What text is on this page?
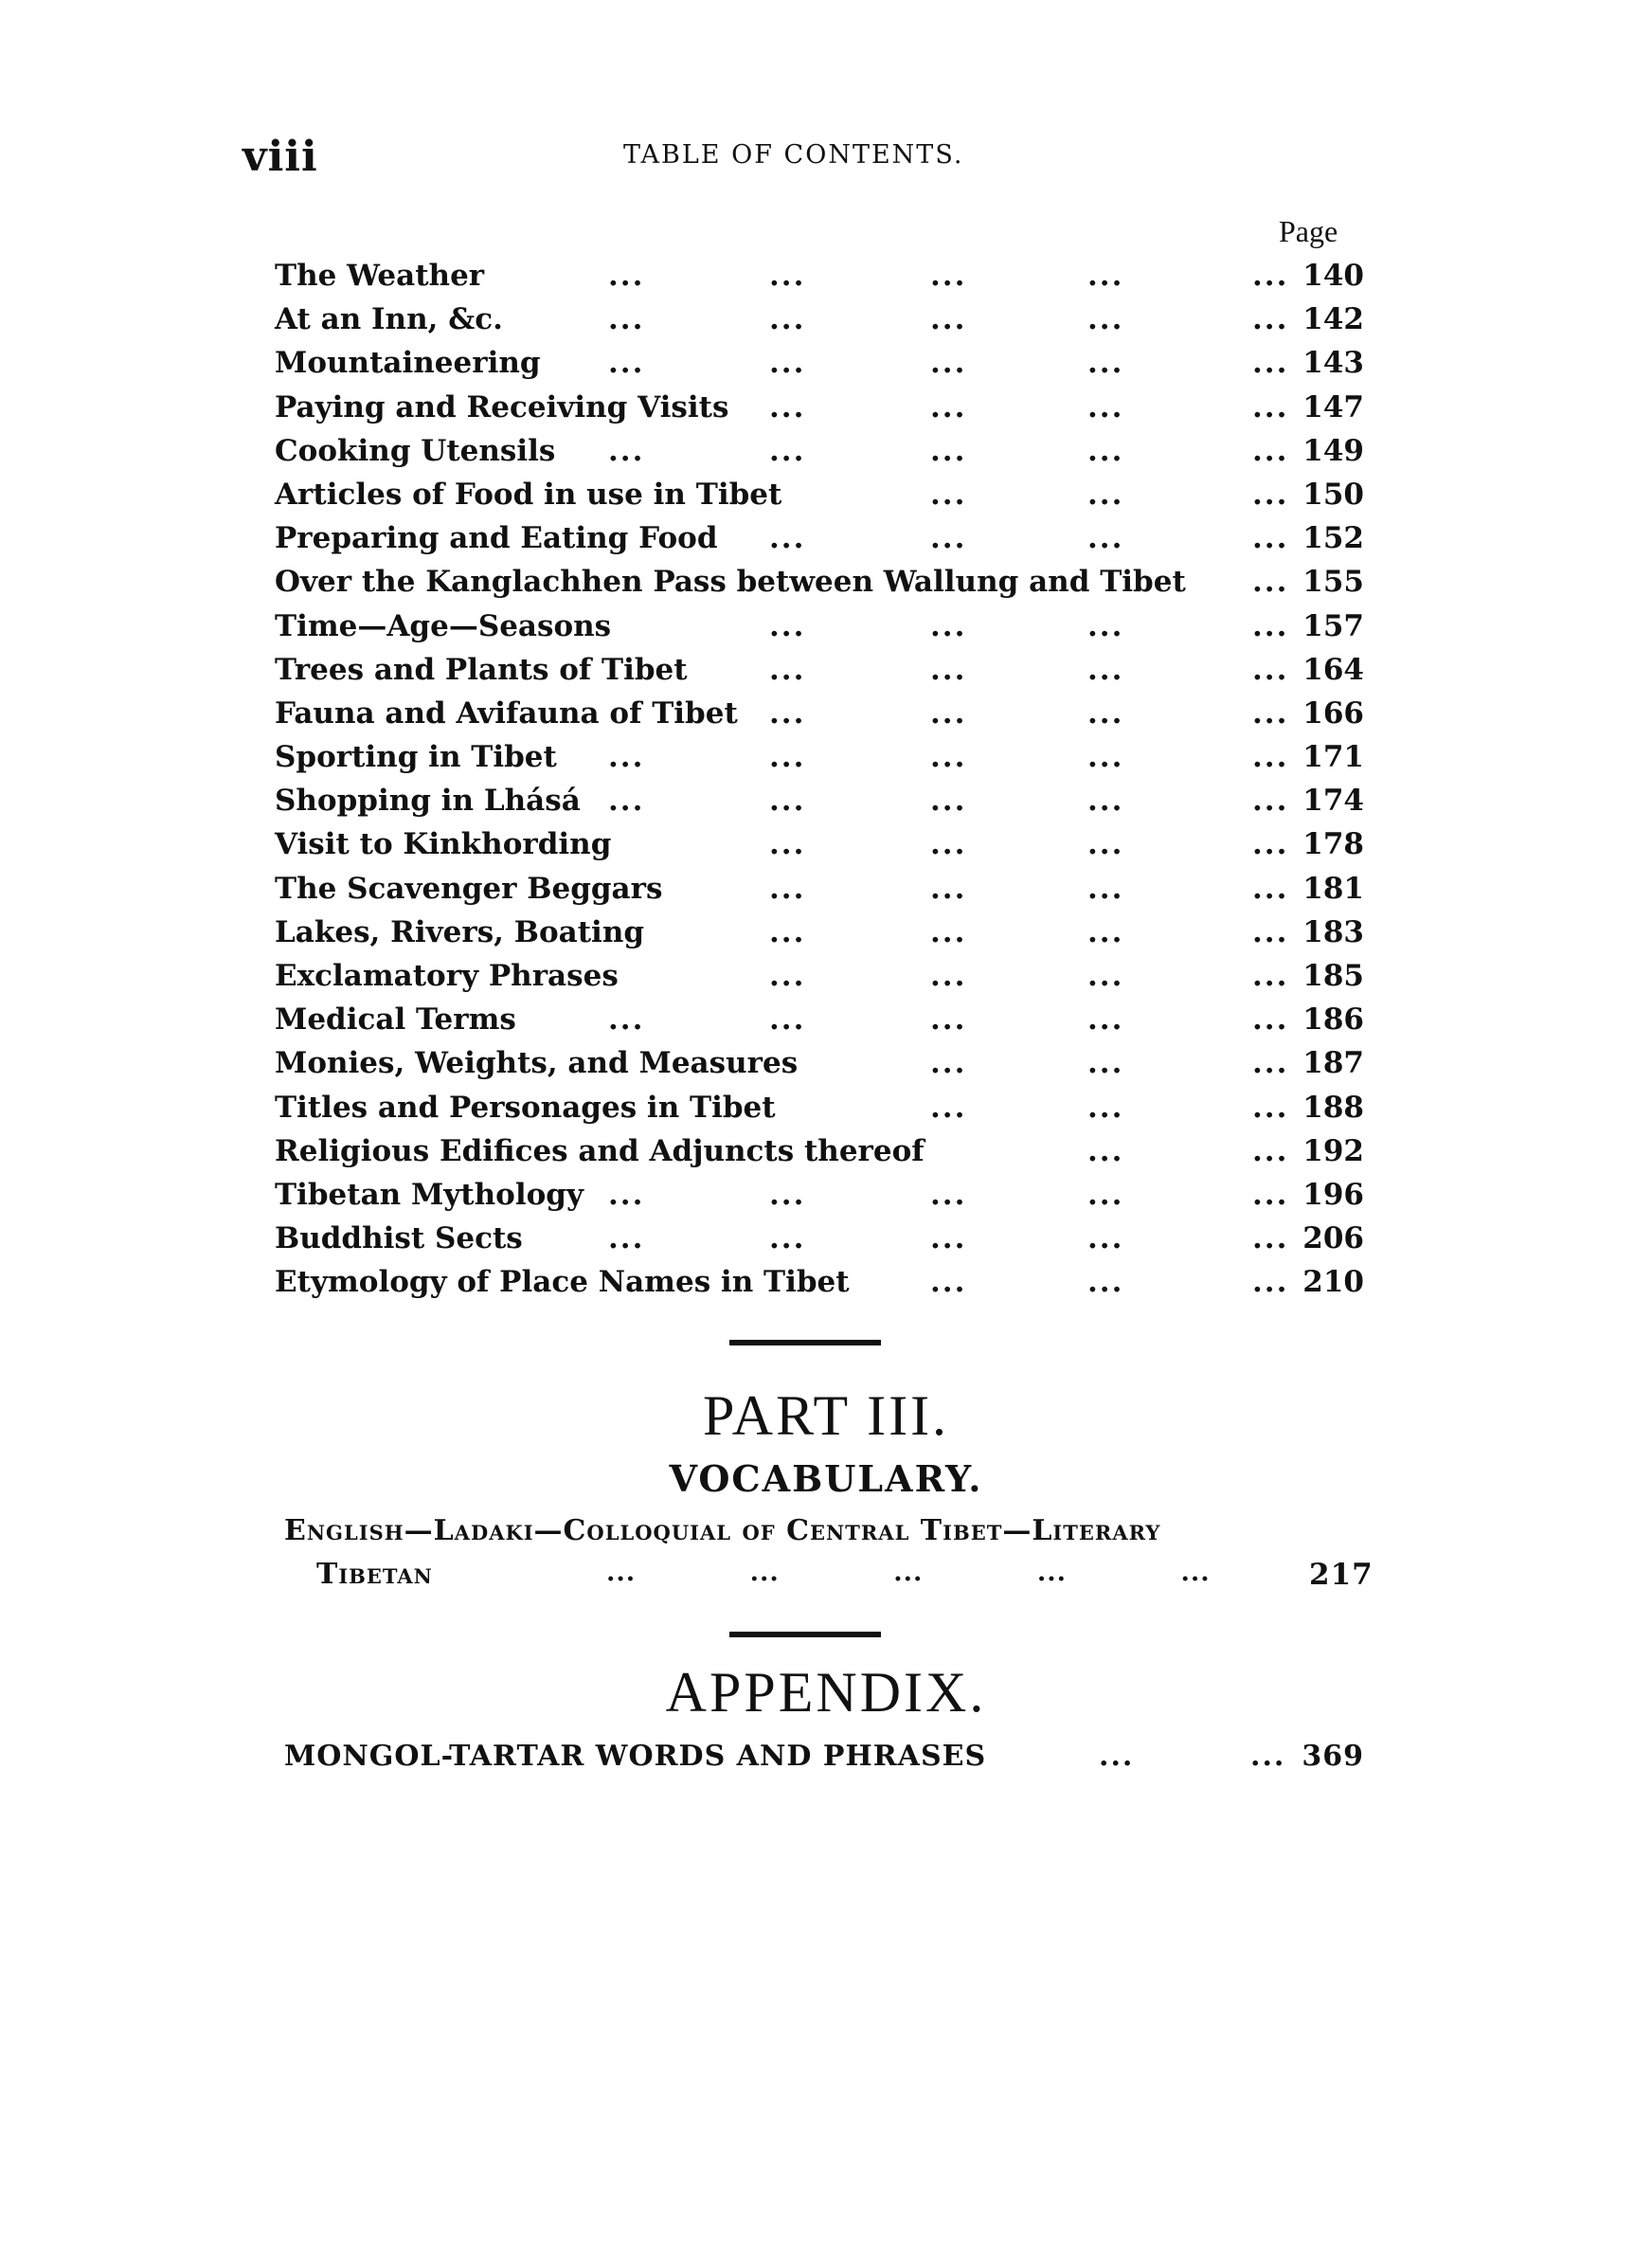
viii	TABLE OF CONTENTS.
Page
The Weather	...	...	...	...	... 140
At an Inn, &c.	...	...	...	...	... 142
Mountaineering ...	...	...	...	... 143
Paying and Receiving Visits ...	...	...	... 147
Cooking Utensils ...	...	...	...	... 149
Articles of Food in use in Tibet	...	...	... 150
Preparing and Eating Food ...	...	...	... 152
Over the Kanglachhen Pass between Wallung and Tibet ... 155
Time—Age—Seasons	...	...	...	... 157
Trees and Plants of Tibet	...	...	...	... 164
Fauna and Avifauna of Tibet ...	...	...	... 166
Sporting in Tibet ...	...	...	...	... 171
Shopping in Lhásá ...	...	...	...	... 174
Visit to Kinkhording	...	...	...	... 178
The Scavenger Beggars	...	...	...	... 181
Lakes, Rivers, Boating	...	...	...	... 183
Exclamatory Phrases	...	...	...	... 185
Medical Terms	...	...	...	...	... 186
Monies, Weights, and Measures	...	...	... 187
Titles and Personages in Tibet	...	...	... 188
Religious Edifices and Adjuncts thereof	...	... 192
Tibetan Mythology ...	...	...	...	... 196
Buddhist Sects	...	...	...	...	... 206
Etymology of Place Names in Tibet	...	...	... 210
PART III.
VOCABULARY.
English—Ladaki—Colloquial of Central Tibet—Literary
Tibetan	...	...	...	...	...	217
APPENDIX.
MONGOL-TARTAR WORDS AND PHRASES	...	... 369
